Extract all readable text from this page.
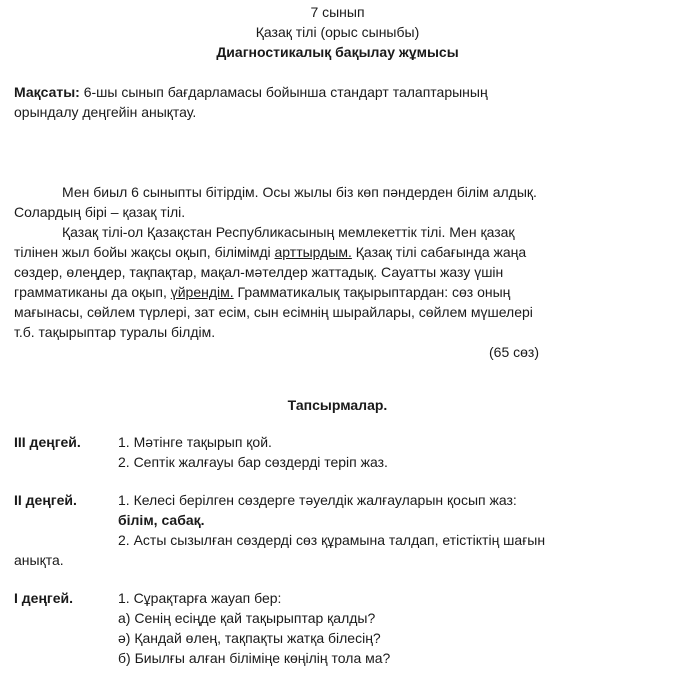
7 сынып
Қазақ тілі (орыс сыныбы)
Диагностикалық бақылау жұмысы
Мақсаты: 6-шы сынып бағдарламасы бойынша стандарт талаптарының
орындалу деңгейін анықтау.
Мен биыл 6 сыныпты бітірдім. Осы жылы біз көп пәндерден білім алдық.
Солардың бірі – қазақ тілі.
Қазақ тілі-ол Қазақстан Республикасының мемлекеттік тілі. Мен қазақ
тілінен жыл бойы жақсы оқып, білімімді арттырдым. Қазақ тілі сабағында жаңа
сөздер, өлеңдер, тақпақтар, мақал-мәтелдер жаттадық. Сауатты жазу үшін
грамматиканы да оқып, үйрендім. Грамматикалық тақырыптардан: сөз оның
мағынасы, сөйлем түрлері, зат есім, сын есімнің шырайлары, сөйлем мүшелері
т.б. тақырыптар туралы білдім.
(65 сөз)
Тапсырмалар.
ІІІ деңгей.	1. Мәтінге тақырып қой.
2. Септік жалғауы бар сөздерді теріп жаз.
ІІ деңгей.	1. Келесі берілген сөздерге тәуелдік жалғауларын қосып жаз:
білім, сабақ.
2. Асты сызылған сөздерді сөз құрамына талдап, етістіктің шағын
анықта.
І деңгей.	1. Сұрақтарға жауап бер:
а) Сенің есіңде қай тақырыптар қалды?
ә) Қандай өлең, тақпақты жатқа білесің?
б) Биылғы алған біліміңе көңілің тола ма?
